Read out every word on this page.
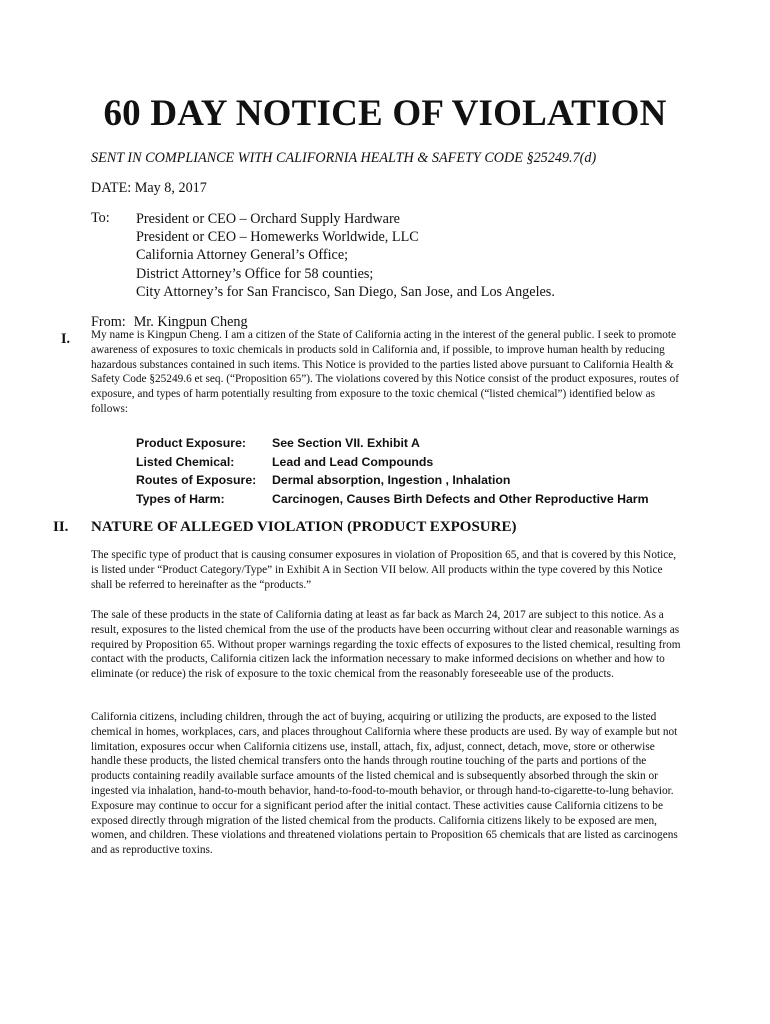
60 DAY NOTICE OF VIOLATION
SENT IN COMPLIANCE WITH CALIFORNIA HEALTH & SAFETY CODE §25249.7(d)
DATE: May 8, 2017
To: President or CEO – Orchard Supply Hardware
President or CEO – Homewerks Worldwide, LLC
California Attorney General’s Office;
District Attorney’s Office for 58 counties;
City Attorney’s for San Francisco, San Diego, San Jose, and Los Angeles.
From: Mr. Kingpun Cheng
I. My name is Kingpun Cheng. I am a citizen of the State of California acting in the interest of the general public. I seek to promote awareness of exposures to toxic chemicals in products sold in California and, if possible, to improve human health by reducing hazardous substances contained in such items. This Notice is provided to the parties listed above pursuant to California Health & Safety Code §25249.6 et seq. (“Proposition 65”). The violations covered by this Notice consist of the product exposures, routes of exposure, and types of harm potentially resulting from exposure to the toxic chemical (“listed chemical”) identified below as follows:

Product Exposure:	See Section VII. Exhibit A
Listed Chemical:	Lead and Lead Compounds
Routes of Exposure:	Dermal absorption, Ingestion , Inhalation
Types of Harm:	Carcinogen, Causes Birth Defects and Other Reproductive Harm
II. NATURE OF ALLEGED VIOLATION (PRODUCT EXPOSURE)

The specific type of product that is causing consumer exposures in violation of Proposition 65, and that is covered by this Notice, is listed under “Product Category/Type” in Exhibit A in Section VII below. All products within the type covered by this Notice shall be referred to hereinafter as the “products.”

The sale of these products in the state of California dating at least as far back as March 24, 2017 are subject to this notice. As a result, exposures to the listed chemical from the use of the products have been occurring without clear and reasonable warnings as required by Proposition 65. Without proper warnings regarding the toxic effects of exposures to the listed chemical, resulting from contact with the products, California citizen lack the information necessary to make informed decisions on whether and how to eliminate (or reduce) the risk of exposure to the toxic chemical from the reasonably foreseeable use of the products.

California citizens, including children, through the act of buying, acquiring or utilizing the products, are exposed to the listed chemical in homes, workplaces, cars, and places throughout California where these products are used. By way of example but not limitation, exposures occur when California citizens use, install, attach, fix, adjust, connect, detach, move, store or otherwise handle these products, the listed chemical transfers onto the hands through routine touching of the parts and portions of the products containing readily available surface amounts of the listed chemical and is subsequently absorbed through the skin or ingested via inhalation, hand-to-mouth behavior, hand-to-food-to-mouth behavior, or through hand-to-cigarette-to-lung behavior. Exposure may continue to occur for a significant period after the initial contact. These activities cause California citizens to be exposed directly through migration of the listed chemical from the products. California citizens likely to be exposed are men, women, and children. These violations and threatened violations pertain to Proposition 65 chemicals that are listed as carcinogens and as reproductive toxins.
